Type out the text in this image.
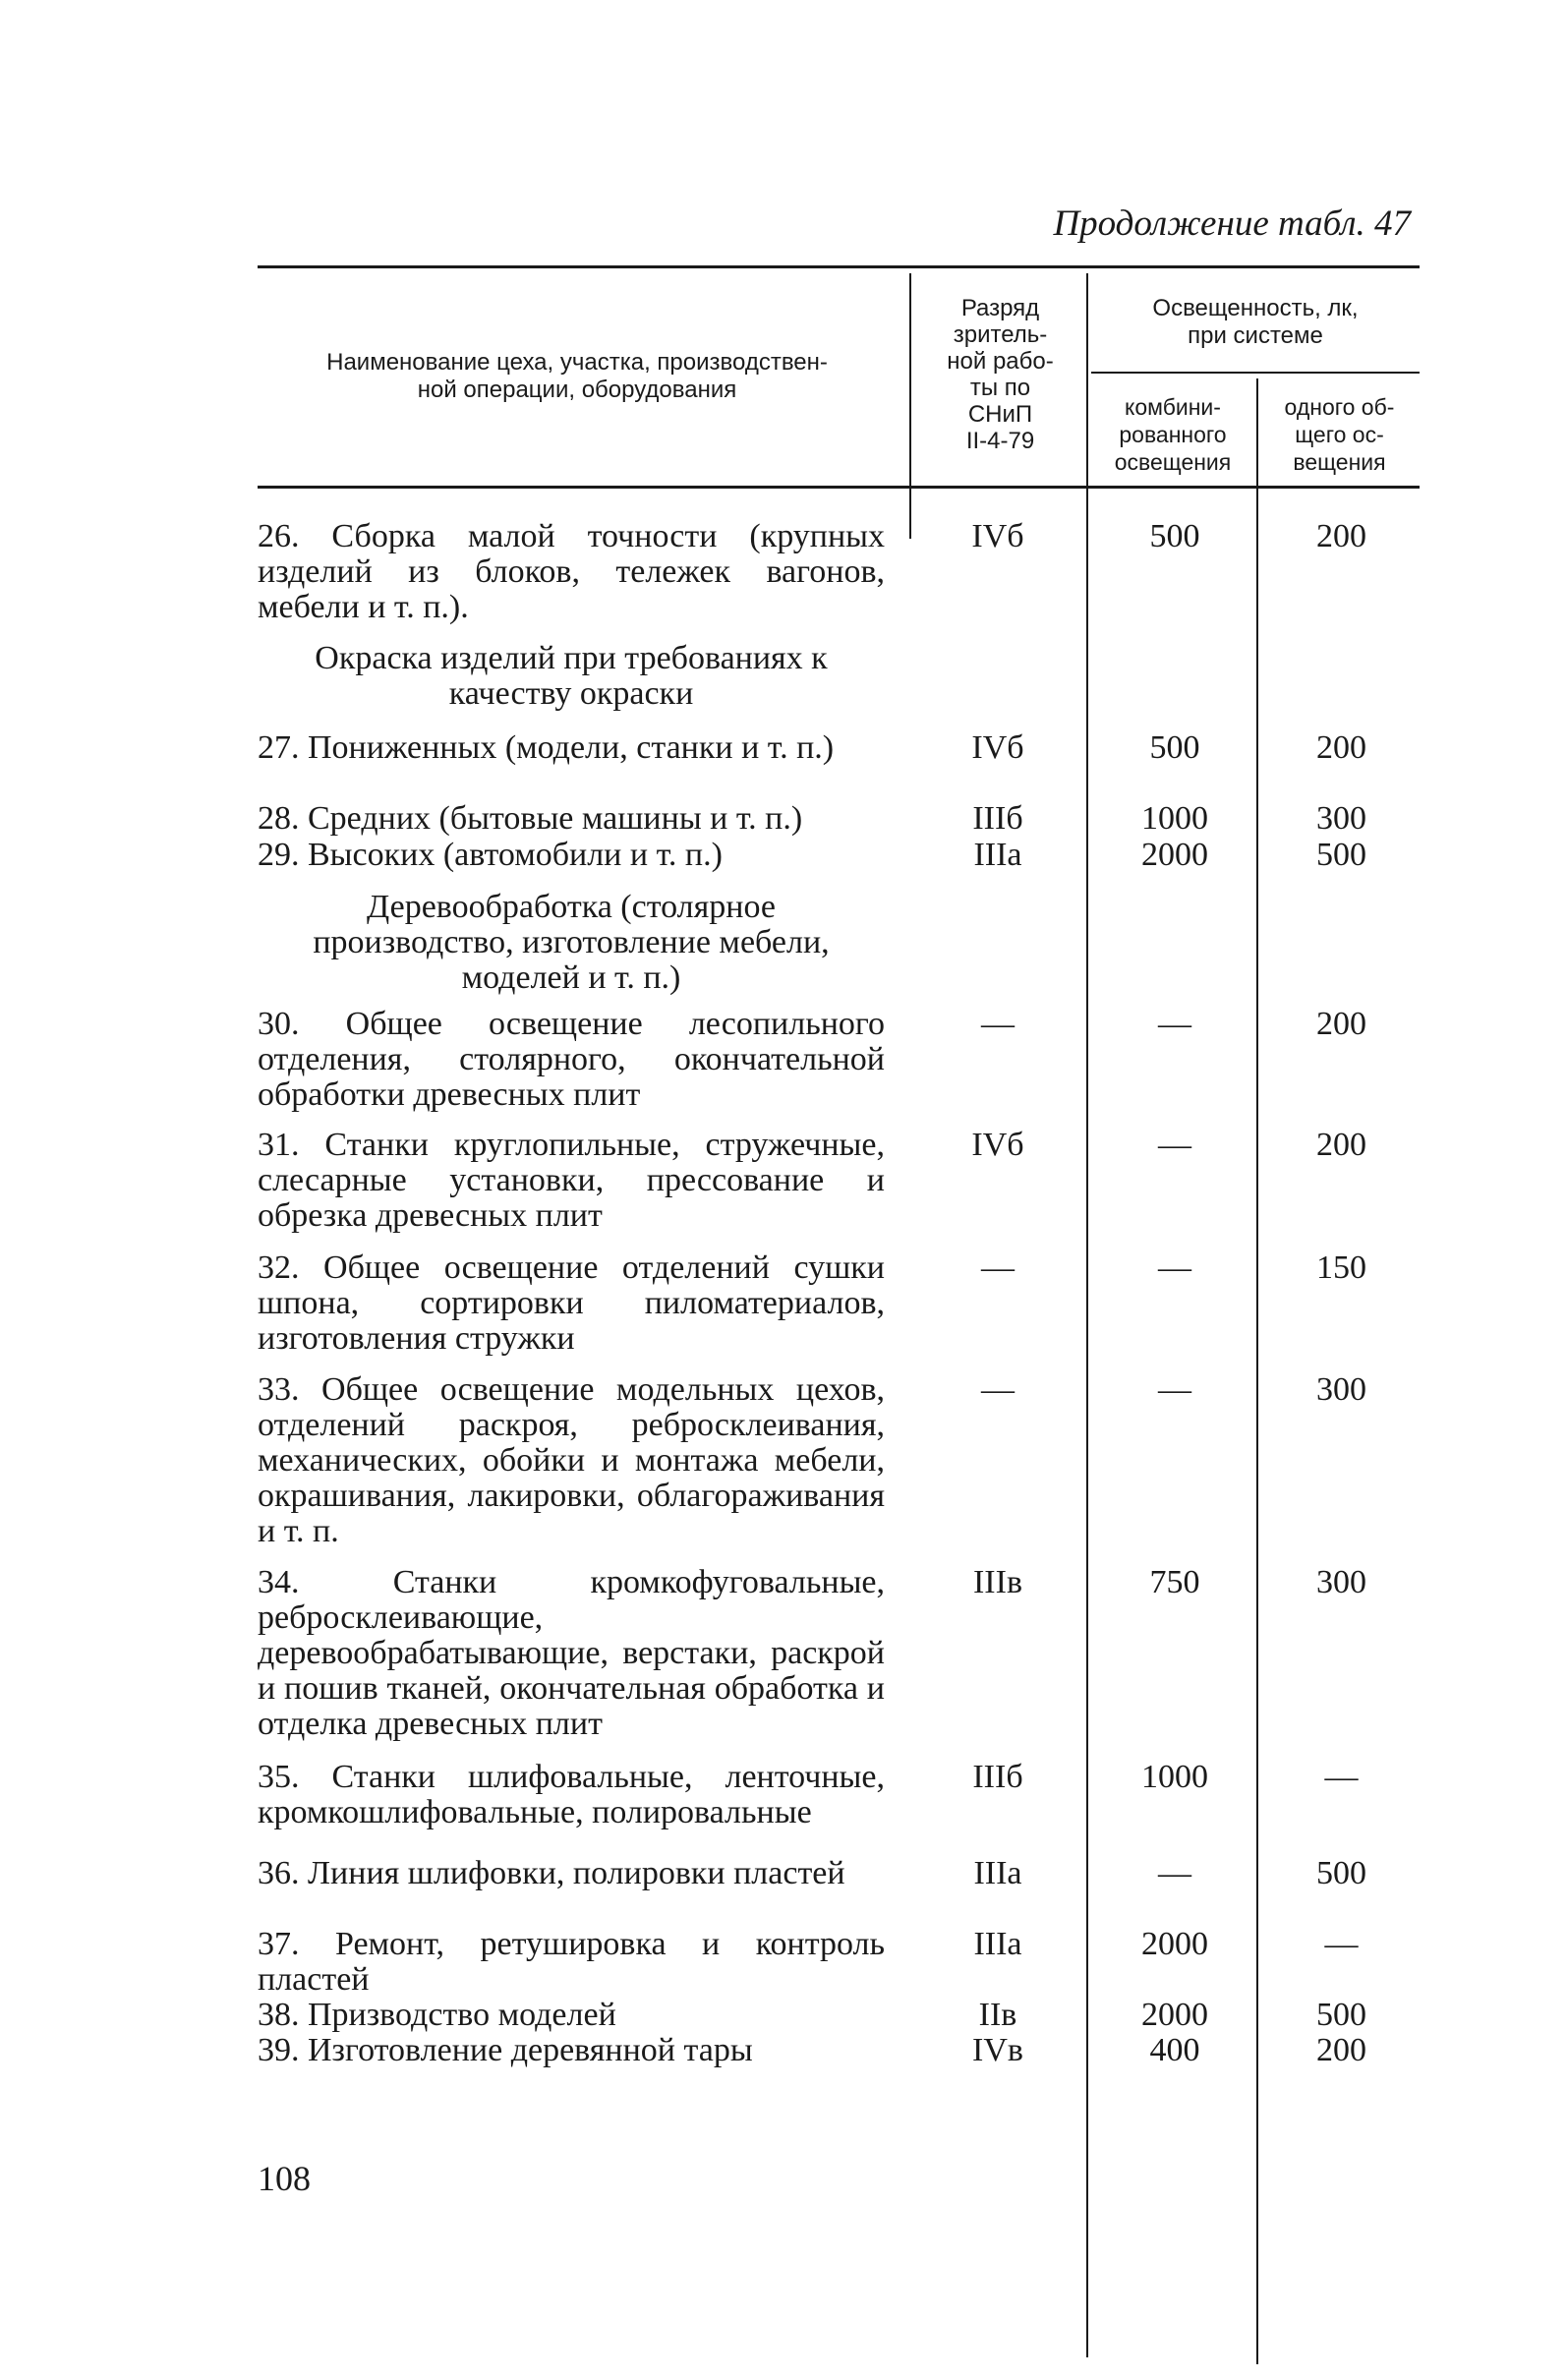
Продолжение табл. 47
Наименование цеха, участка, производствен-
ной операции, оборудования
Разряд
зритель-
ной рабо-
ты по
СНиП
II-4-79
Освещенность, лк,
при системе
комбини-
рованного
освещения
одного об-
щего ос-
вещения
26. Сборка малой точности (крупных изделий из блоков, тележек вагонов, мебели и т. п.).
IVб	500	200
Окраска изделий при требованиях к
качеству окраски
27. Пониженных (модели, станки и т. п.)	IVб	500	200
28. Средних (бытовые машины и т. п.)	IIIб	1000	300
29. Высоких (автомобили и т. п.)	IIIа	2000	500
Деревообработка (столярное
производство, изготовление мебели,
моделей и т. п.)
30. Общее освещение лесопильного отделения, столярного, окончательной обработки древесных плит
—	—	200
31. Станки круглопильные, стружечные, слесарные установки, прессование и обрезка древесных плит
IVб	—	200
32. Общее освещение отделений сушки шпона, сортировки пиломатериалов, изготовления стружки
—	—	150
33. Общее освещение модельных цехов, отделений раскроя, ребросклеивания, механических, обойки и монтажа мебели, окрашивания, лакировки, облагораживания и т. п.
—	—	300
34. Станки кромкофуговальные, ребросклеивающие, деревообрабатывающие, верстаки, раскрой и пошив тканей, окончательная обработка и отделка древесных плит
IIIв	750	300
35. Станки шлифовальные, ленточные, кромкошлифовальные, полировальные
IIIб	1000	—
36. Линия шлифовки, полировки пластей	IIIа	—	500
37. Ремонт, ретушировка и контроль пластей
IIIа	2000	—
38. Призводство моделей	IIв	2000	500
39. Изготовление деревянной тары	IVв	400	200
108
